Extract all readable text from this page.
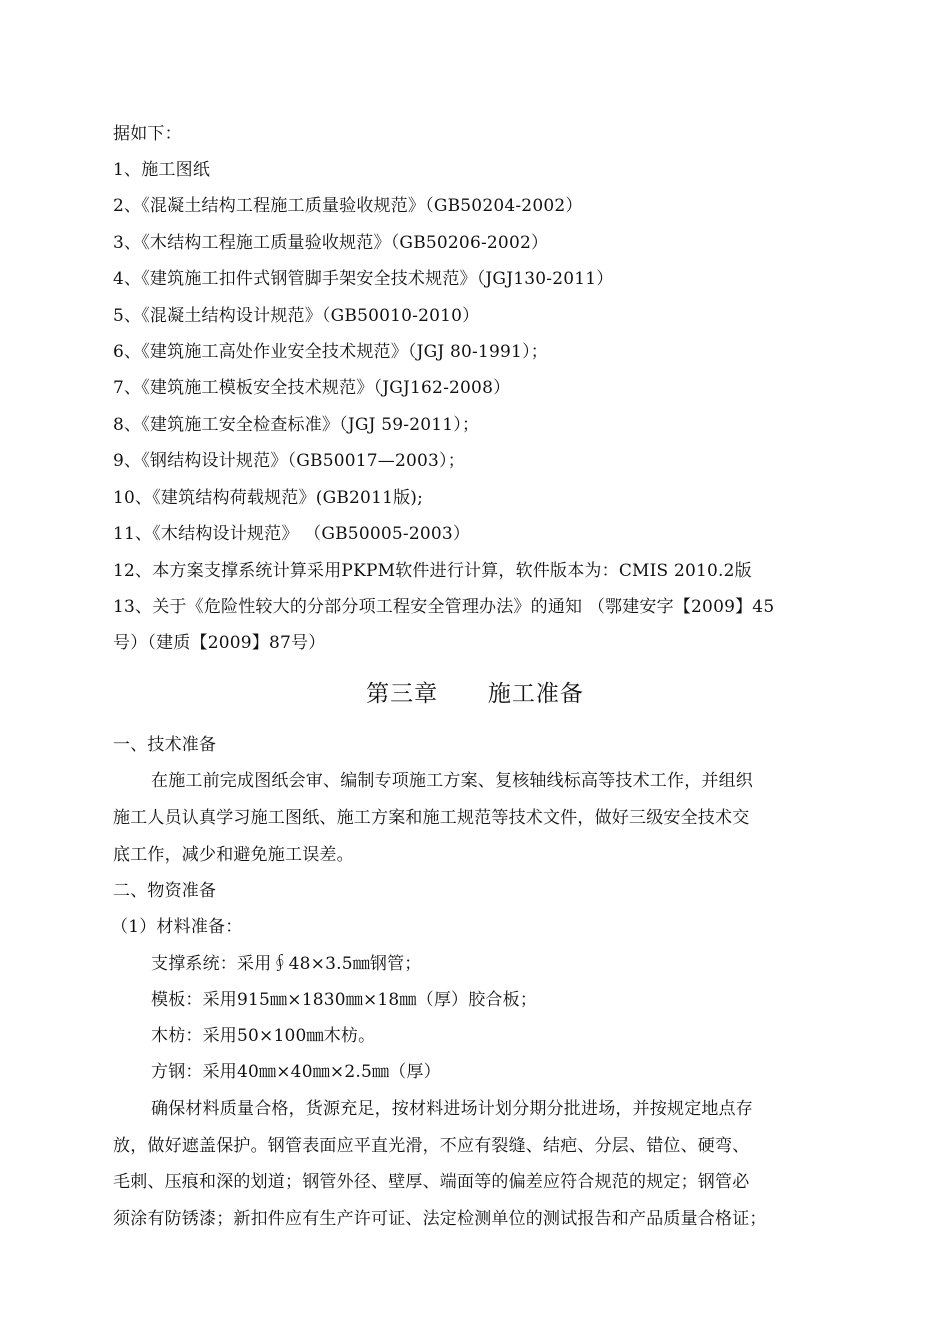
据如下：
1、施工图纸
2、《混凝土结构工程施工质量验收规范》（GB50204-2002）
3、《木结构工程施工质量验收规范》（GB50206-2002）
4、《建筑施工扣件式钢管脚手架安全技术规范》（JGJ130-2011）
5、《混凝土结构设计规范》（GB50010-2010）
6、《建筑施工高处作业安全技术规范》（JGJ 80-1991）；
7、《建筑施工模板安全技术规范》（JGJ162-2008）
8、《建筑施工安全检查标准》（JGJ 59-2011）；
9、《钢结构设计规范》（GB50017—2003）；
10、《建筑结构荷载规范》(GB2011版);
11、《木结构设计规范》 （GB50005-2003）
12、本方案支撑系统计算采用PKPM软件进行计算，软件版本为：CMIS 2010.2版
13、关于《危险性较大的分部分项工程安全管理办法》的通知 （鄂建安字【2009】45
号）（建质【2009】87号）
第三章      施工准备
一、技术准备
在施工前完成图纸会审、编制专项施工方案、复核轴线标高等技术工作，并组织
施工人员认真学习施工图纸、施工方案和施工规范等技术文件，做好三级安全技术交
底工作，减少和避免施工误差。
二、物资准备
（1）材料准备：
支撑系统：采用∮48×3.5㎜钢管；
模板：采用915㎜×1830㎜×18㎜（厚）胶合板；
木枋：采用50×100㎜木枋。
方钢：采用40㎜×40㎜×2.5㎜（厚）
确保材料质量合格，货源充足，按材料进场计划分期分批进场，并按规定地点存
放，做好遮盖保护。钢管表面应平直光滑，不应有裂缝、结疤、分层、错位、硬弯、
毛刺、压痕和深的划道；钢管外径、壁厚、端面等的偏差应符合规范的规定；钢管必
须涂有防锈漆；新扣件应有生产许可证、法定检测单位的测试报告和产品质量合格证；
